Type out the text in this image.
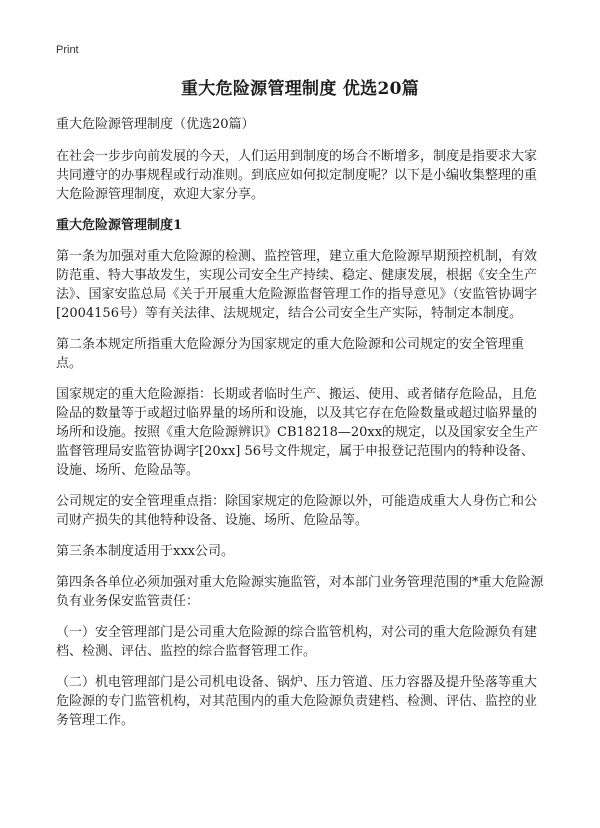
Print
重大危险源管理制度 优选20篇

重大危险源管理制度（优选20篇）

在社会一步步向前发展的今天，人们运用到制度的场合不断增多，制度是指要求大家共同遵守的办事规程或行动准则。到底应如何拟定制度呢？以下是小编收集整理的重大危险源管理制度，欢迎大家分享。

重大危险源管理制度1

第一条为加强对重大危险源的检测、监控管理，建立重大危险源早期预控机制，有效防范重、特大事故发生，实现公司安全生产持续、稳定、健康发展，根据《安全生产法》、国家安监总局《关于开展重大危险源监督管理工作的指导意见》（安监管协调字[2004156号）等有关法律、法规规定，结合公司安全生产实际，特制定本制度。

第二条本规定所指重大危险源分为国家规定的重大危险源和公司规定的安全管理重点。

国家规定的重大危险源指：长期或者临时生产、搬运、使用、或者储存危险品，且危险品的数量等于或超过临界量的场所和设施，以及其它存在危险数量或超过临界量的场所和设施。按照《重大危险源辨识》CB18218—20xx的规定，以及国家安全生产监督管理局安监管协调字[20xx] 56号文件规定，属于申报登记范围内的特种设备、设施、场所、危险品等。

公司规定的安全管理重点指：除国家规定的危险源以外，可能造成重大人身伤亡和公司财产损失的其他特种设备、设施、场所、危险品等。

第三条本制度适用于xxx公司。

第四条各单位必须加强对重大危险源实施监管，对本部门业务管理范围的*重大危险源负有业务保安监管责任：

（一）安全管理部门是公司重大危险源的综合监管机构，对公司的重大危险源负有建档、检测、评估、监控的综合监督管理工作。

（二）机电管理部门是公司机电设备、锅炉、压力管道、压力容器及提升坠落等重大危险源的专门监管机构，对其范围内的重大危险源负责建档、检测、评估、监控的业务管理工作。
